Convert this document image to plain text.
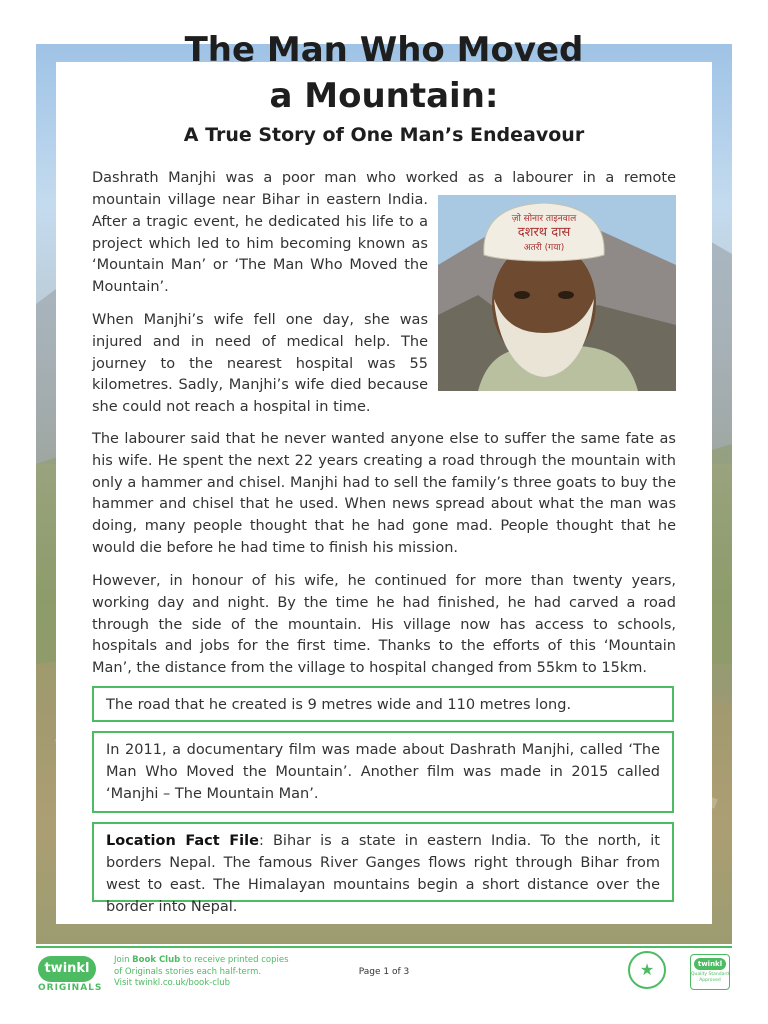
The Man Who Moved
a Mountain:
A True Story of One Man’s Endeavour

Dashrath Manjhi was a poor man who worked as a labourer in a remote

mountain village near Bihar in eastern India. After a tragic event, he dedicated his life to a project which led to him becoming known as ‘Mountain Man’ or ‘The Man Who Moved the Mountain’.

ज़ो सोनार ताइनवाल
दशरथ दास
अतरी (गया)

When Manjhi’s wife fell one day, she was injured and in need of medical help. The journey to the nearest hospital was 55 kilometres. Sadly, Manjhi’s wife died because she could not reach a hospital in time.

The labourer said that he never wanted anyone else to suffer the same fate as his wife. He spent the next 22 years creating a road through the mountain with only a hammer and chisel. Manjhi had to sell the family’s three goats to buy the hammer and chisel that he used. When news spread about what the man was doing, many people thought that he had gone mad. People thought that he would die before he had time to finish his mission.

However, in honour of his wife, he continued for more than twenty years, working day and night. By the time he had finished, he had carved a road through the side of the mountain. His village now has access to schools, hospitals and jobs for the first time. Thanks to the efforts of this ‘Mountain Man’, the distance from the village to hospital changed from 55km to 15km.

The road that he created is 9 metres wide and 110 metres long.
In 2011, a documentary film was made about Dashrath Manjhi, called ‘The Man Who Moved the Mountain’. Another film was made in 2015 called ‘Manjhi – The Mountain Man’.
Location Fact File: Bihar is a state in eastern India. To the north, it borders Nepal. The famous River Ganges flows right through Bihar from west to east. The Himalayan mountains begin a short distance over the border into Nepal.
twinkl
ORIGINALS
Join Book Club to receive printed copies
of Originals stories each half-term.
Visit twinkl.co.uk/book-club
Page 1 of 3	★	twinkl
Quality Standard
Approved
